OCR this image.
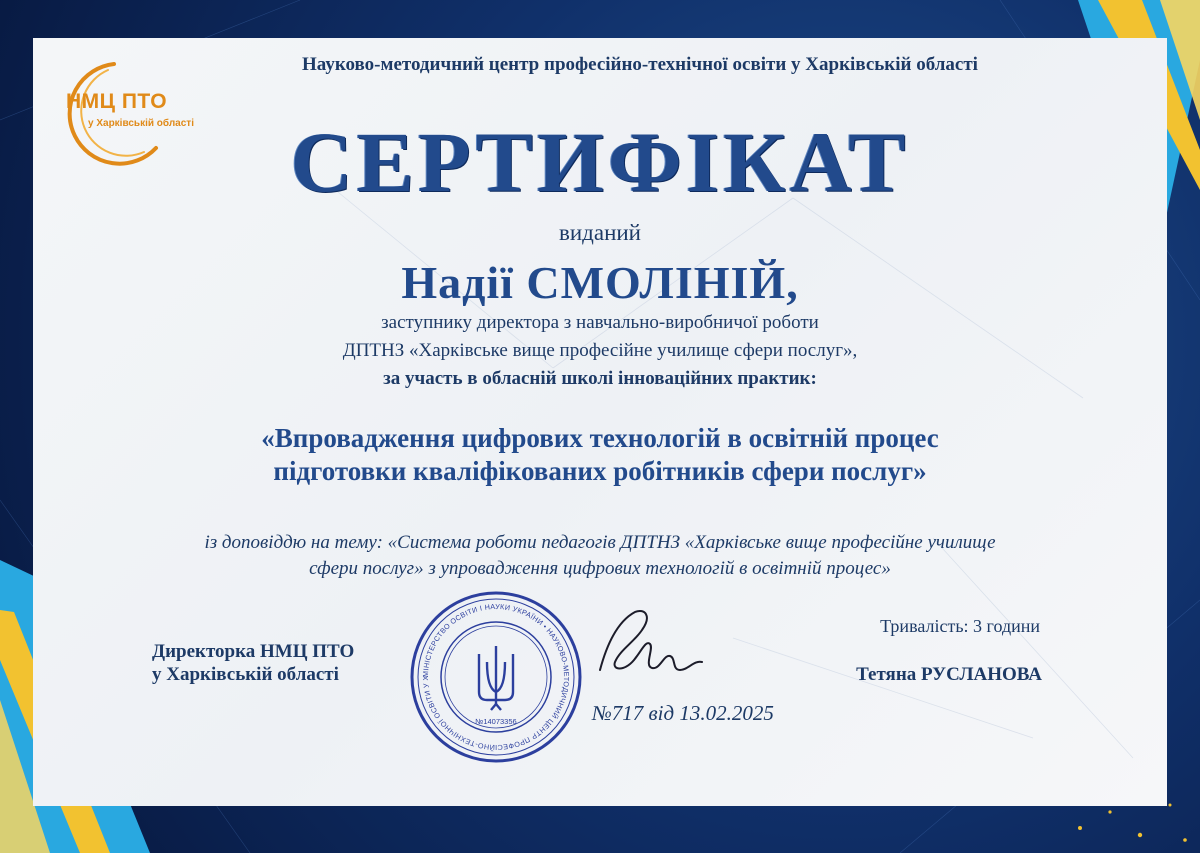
НМЦ ПТО
у Харківській області
Науково-методичний центр професійно-технічної освіти у Харківській області
СЕРТИФІКАТ
виданий
Надії СМОЛІНІЙ,
заступнику директора з навчально-виробничої роботи
ДПТНЗ «Харківське вище професійне училище сфери послуг»,
за участь в обласній школі інноваційних практик:
«Впровадження цифрових технологій в освітній процес
підготовки кваліфікованих робітників сфери послуг»
із доповіддю на тему: «Система роботи педагогів ДПТНЗ «Харківське вище професійне училище
сфери послуг» з упровадження цифрових технологій в освітній процес»
Директорка НМЦ ПТО
у Харківській області	МІНІСТЕРСТВО ОСВІТИ І НАУКИ УКРАЇНИ • НАУКОВО-МЕТОДИЧНИЙ ЦЕНТР ПРОФЕСІЙНО-ТЕХНІЧНОЇ ОСВІТИ У Х
№14073356
Тривалість: 3 години
Тетяна РУСЛАНОВА
№717 від 13.02.2025
